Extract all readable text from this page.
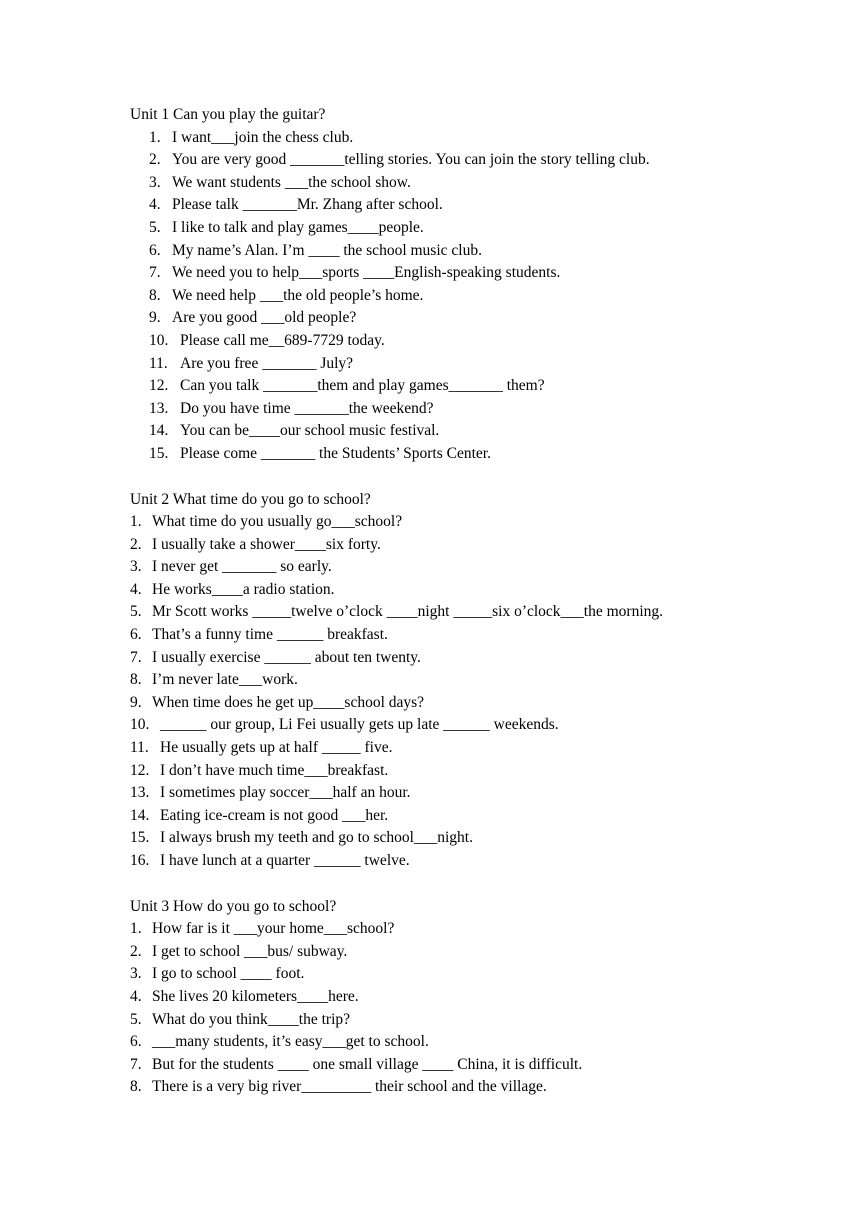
Unit 1 Can you play the guitar?
1. I want___join the chess club.
2. You are very good _______telling stories. You can join the story telling club.
3. We want students ___the school show.
4. Please talk _______Mr. Zhang after school.
5. I like to talk and play games____people.
6. My name’s Alan. I’m ____ the school music club.
7. We need you to help___sports ____English-speaking students.
8. We need help ___the old people’s home.
9. Are you good ___old people?
10. Please call me__689-7729 today.
11. Are you free _______ July?
12. Can you talk _______them and play games_______ them?
13. Do you have time _______the weekend?
14. You can be____our school music festival.
15. Please come _______ the Students’ Sports Center.
Unit 2 What time do you go to school?
1. What time do you usually go___school?
2. I usually take a shower____six forty.
3. I never get _______ so early.
4. He works____a radio station.
5. Mr Scott works _____twelve o’clock ____night _____six o’clock___the morning.
6. That’s a funny time ______ breakfast.
7. I usually exercise ______ about ten twenty.
8. I’m never late___work.
9. When time does he get up____school days?
10. ______ our group, Li Fei usually gets up late ______ weekends.
11. He usually gets up at half _____ five.
12. I don’t have much time___breakfast.
13. I sometimes play soccer___half an hour.
14. Eating ice-cream is not good ___her.
15. I always brush my teeth and go to school___night.
16. I have lunch at a quarter ______ twelve.
Unit 3 How do you go to school?
1. How far is it ___your home___school?
2. I get to school ___bus/ subway.
3. I go to school ____ foot.
4. She lives 20 kilometers____here.
5. What do you think____the trip?
6. ___many students, it’s easy___get to school.
7. But for the students ____ one small village ____ China, it is difficult.
8. There is a very big river_________ their school and the village.
